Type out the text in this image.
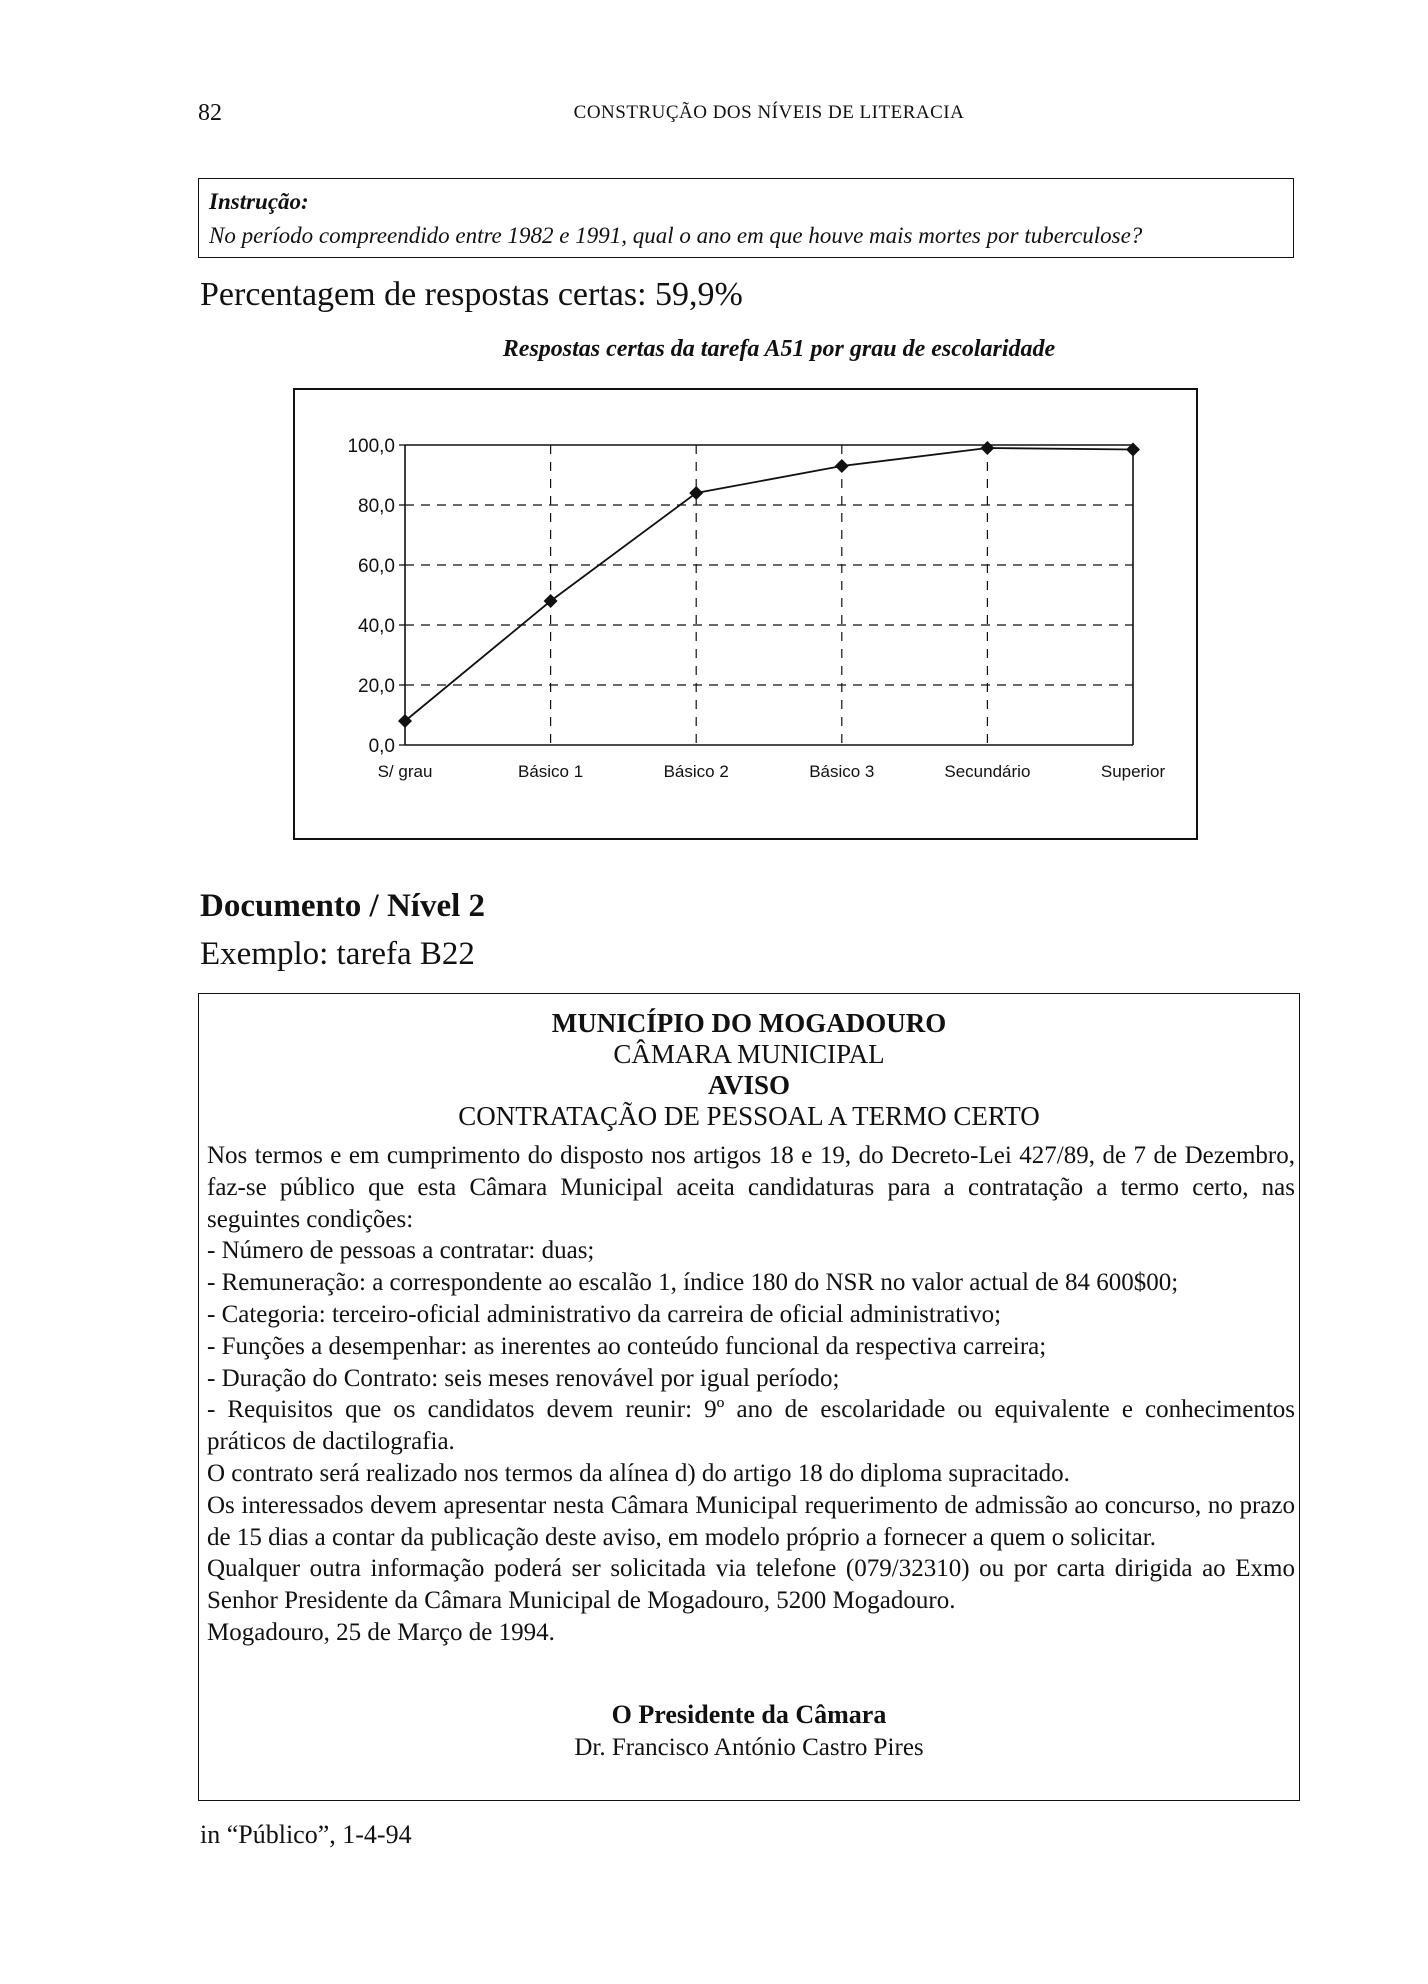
82	CONSTRUÇÃO DOS NÍVEIS DE LITERACIA
Instrução:
No período compreendido entre 1982 e 1991, qual o ano em que houve mais mortes por tuberculose?
Percentagem de respostas certas: 59,9%
Respostas certas da tarefa A51 por grau de escolaridade
0,0
20,0
40,0
60,0
80,0
100,0
S/ grau	Básico 1	Básico 2	Básico 3	Secundário	Superior
Documento / Nível 2
Exemplo: tarefa B22
MUNICÍPIO DO MOGADOURO
CÂMARA MUNICIPAL
AVISO
CONTRATAÇÃO DE PESSOAL A TERMO CERTO

Nos termos e em cumprimento do disposto nos artigos 18 e 19, do Decreto-Lei 427/89, de 7 de Dezembro, faz-se público que esta Câmara Municipal aceita candidaturas para a contratação a termo certo, nas seguintes condições:

- Número de pessoas a contratar: duas;

- Remuneração: a correspondente ao escalão 1, índice 180 do NSR no valor actual de 84 600$00;

- Categoria: terceiro-oficial administrativo da carreira de oficial administrativo;

- Funções a desempenhar: as inerentes ao conteúdo funcional da respectiva carreira;

- Duração do Contrato: seis meses renovável por igual período;

- Requisitos que os candidatos devem reunir: 9º ano de escolaridade ou equivalente e conhecimentos práticos de dactilografia.

O contrato será realizado nos termos da alínea d) do artigo 18 do diploma supracitado.

Os interessados devem apresentar nesta Câmara Municipal requerimento de admissão ao concurso, no prazo de 15 dias a contar da publicação deste aviso, em modelo próprio a fornecer a quem o solicitar.

Qualquer outra informação poderá ser solicitada via telefone (079/32310) ou por carta dirigida ao Exmo Senhor Presidente da Câmara Municipal de Mogadouro, 5200 Mogadouro.

Mogadouro, 25 de Março de 1994.

O Presidente da Câmara
Dr. Francisco António Castro Pires
in “Público”, 1-4-94
